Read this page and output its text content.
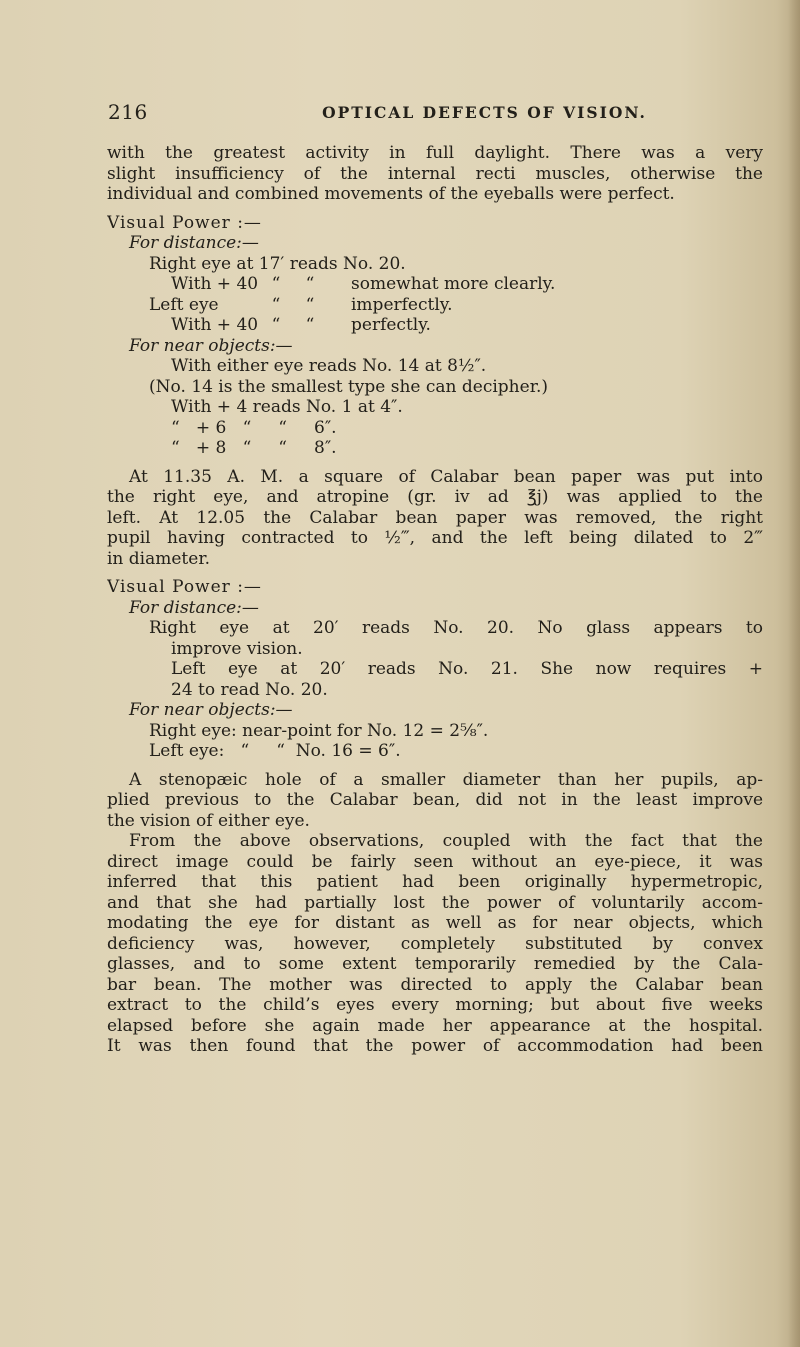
216	OPTICAL DEFECTS OF VISION.
with the greatest activity in full daylight. There was a very
slight insufficiency of the internal recti muscles, otherwise the
individual and combined movements of the eyeballs were perfect.
Visual Power :—
For distance:—
Right eye at 17′ reads No. 20.
With + 40 “	“	somewhat more clearly.
Left eye	“	“	imperfectly.
With + 40 “	“	perfectly.
For near objects:—
With either eye reads No. 14 at 8½″.
(No. 14 is the smallest type she can decipher.)
With + 4 reads No. 1 at 4″.
“   + 6   “     “     6″.
“   + 8   “     “     8″.
At 11.35 A. M. a square of Calabar bean paper was put into
the right eye, and atropine (gr. iv ad ℥j) was applied to the
left. At 12.05 the Calabar bean paper was removed, the right
pupil having contracted to ½‴, and the left being dilated to 2‴
in diameter.
Visual Power :—
For distance:—
Right eye at 20′ reads No. 20. No glass appears to
improve vision.
Left eye at 20′ reads No. 21. She now requires +
24 to read No. 20.
For near objects:—
Right eye: near-point for No. 12 = 2⅝″.
Left eye:   “     “  No. 16 = 6″.
A stenopæic hole of a smaller diameter than her pupils, ap-
plied previous to the Calabar bean, did not in the least improve
the vision of either eye.
From the above observations, coupled with the fact that the
direct image could be fairly seen without an eye-piece, it was
inferred that this patient had been originally hypermetropic,
and that she had partially lost the power of voluntarily accom-
modating the eye for distant as well as for near objects, which
deficiency was, however, completely substituted by convex
glasses, and to some extent temporarily remedied by the Cala-
bar bean. The mother was directed to apply the Calabar bean
extract to the child’s eyes every morning; but about five weeks
elapsed before she again made her appearance at the hospital.
It was then found that the power of accommodation had been
